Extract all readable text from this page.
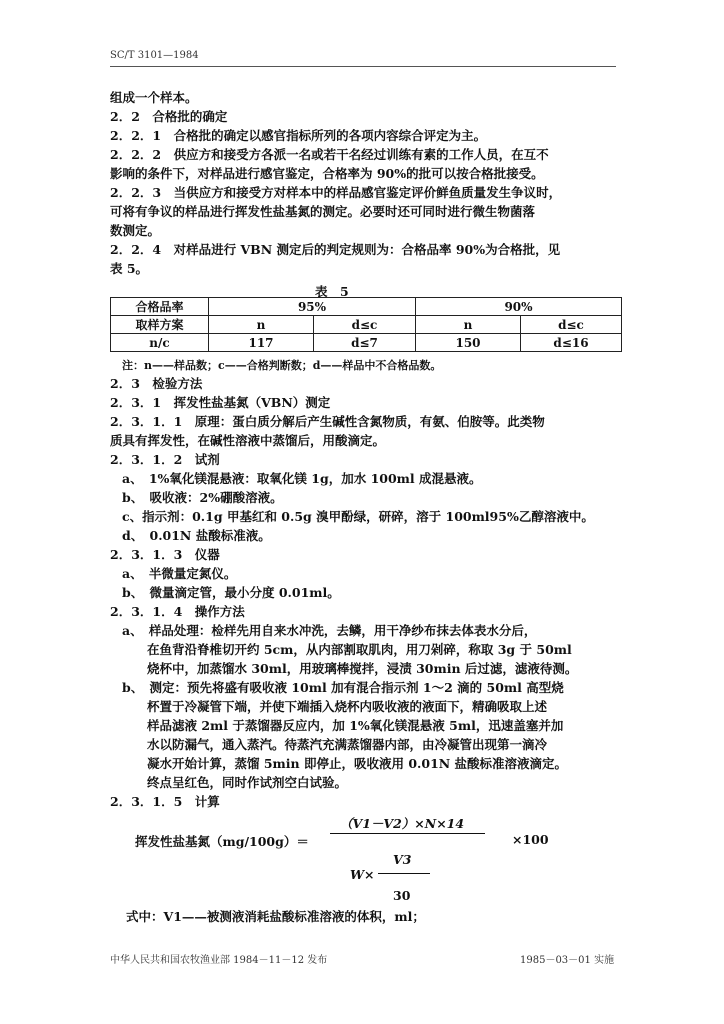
SC/T 3101—1984
组成一个样本。
2．2　合格批的确定
2．2．1　合格批的确定以感官指标所列的各项内容综合评定为主。
2．2．2　供应方和接受方各派一名或若干名经过训练有素的工作人员，在互不
影响的条件下，对样品进行感官鉴定，合格率为 90%的批可以按合格批接受。
2．2．3　当供应方和接受方对样本中的样品感官鉴定评价鲜鱼质量发生争议时，
可将有争议的样品进行挥发性盐基氮的测定。必要时还可同时进行微生物菌落
数测定。
2．2．4　对样品进行 VBN 测定后的判定规则为：合格品率 90%为合格批，见
表 5。
表　5
合格品率	95%		90%	
取样方案	n	d≤c	n	d≤c
n/c	117	d≤7	150	d≤16
注：n——样品数；c——合格判断数；d——样品中不合格品数。
2．3　检验方法
2．3．1　挥发性盐基氮（VBN）测定
2．3．1．1　原理：蛋白质分解后产生碱性含氮物质，有氨、伯胺等。此类物
质具有挥发性，在碱性溶液中蒸馏后，用酸滴定。
2．3．1．2　试剂
a、　1%氧化镁混悬液：取氧化镁 1g，加水 100ml 成混悬液。
b、　吸收液：2%硼酸溶液。
c、指示剂：0.1g 甲基红和 0.5g 溴甲酚绿，研碎，溶于 100ml95%乙醇溶液中。
d、　0.01N 盐酸标准液。
2．3．1．3　仪器
a、　半微量定氮仪。
b、　微量滴定管，最小分度 0.01ml。
2．3．1．4　操作方法
a、　样品处理：检样先用自来水冲洗，去鳞，用干净纱布抹去体表水分后，
在鱼背沿脊椎切开约 5cm，从内部割取肌肉，用刀剁碎，称取 3g 于 50ml
烧杯中，加蒸馏水 30ml，用玻璃棒搅拌，浸渍 30min 后过滤，滤液待测。
b、　测定：预先将盛有吸收液 10ml 加有混合指示剂 1～2 滴的 50ml 高型烧
杯置于冷凝管下端，并使下端插入烧杯内吸收液的液面下，精确吸取上述
样品滤液 2ml 于蒸馏器反应内，加 1%氧化镁混悬液 5ml，迅速盖塞并加
水以防漏气，通入蒸汽。待蒸汽充满蒸馏器内部，由冷凝管出现第一滴冷
凝水开始计算，蒸馏 5min 即停止，吸收液用 0.01N 盐酸标准溶液滴定。
终点呈红色，同时作试剂空白试验。
2．3．1．5　计算
（V1－V2）×N×14
挥发性盐基氮（mg/100g）＝	×100
V3
W×
30
式中：V1——被测液消耗盐酸标准溶液的体积，ml；
中华人民共和国农牧渔业部 1984－11－12 发布	1985－03－01 实施
